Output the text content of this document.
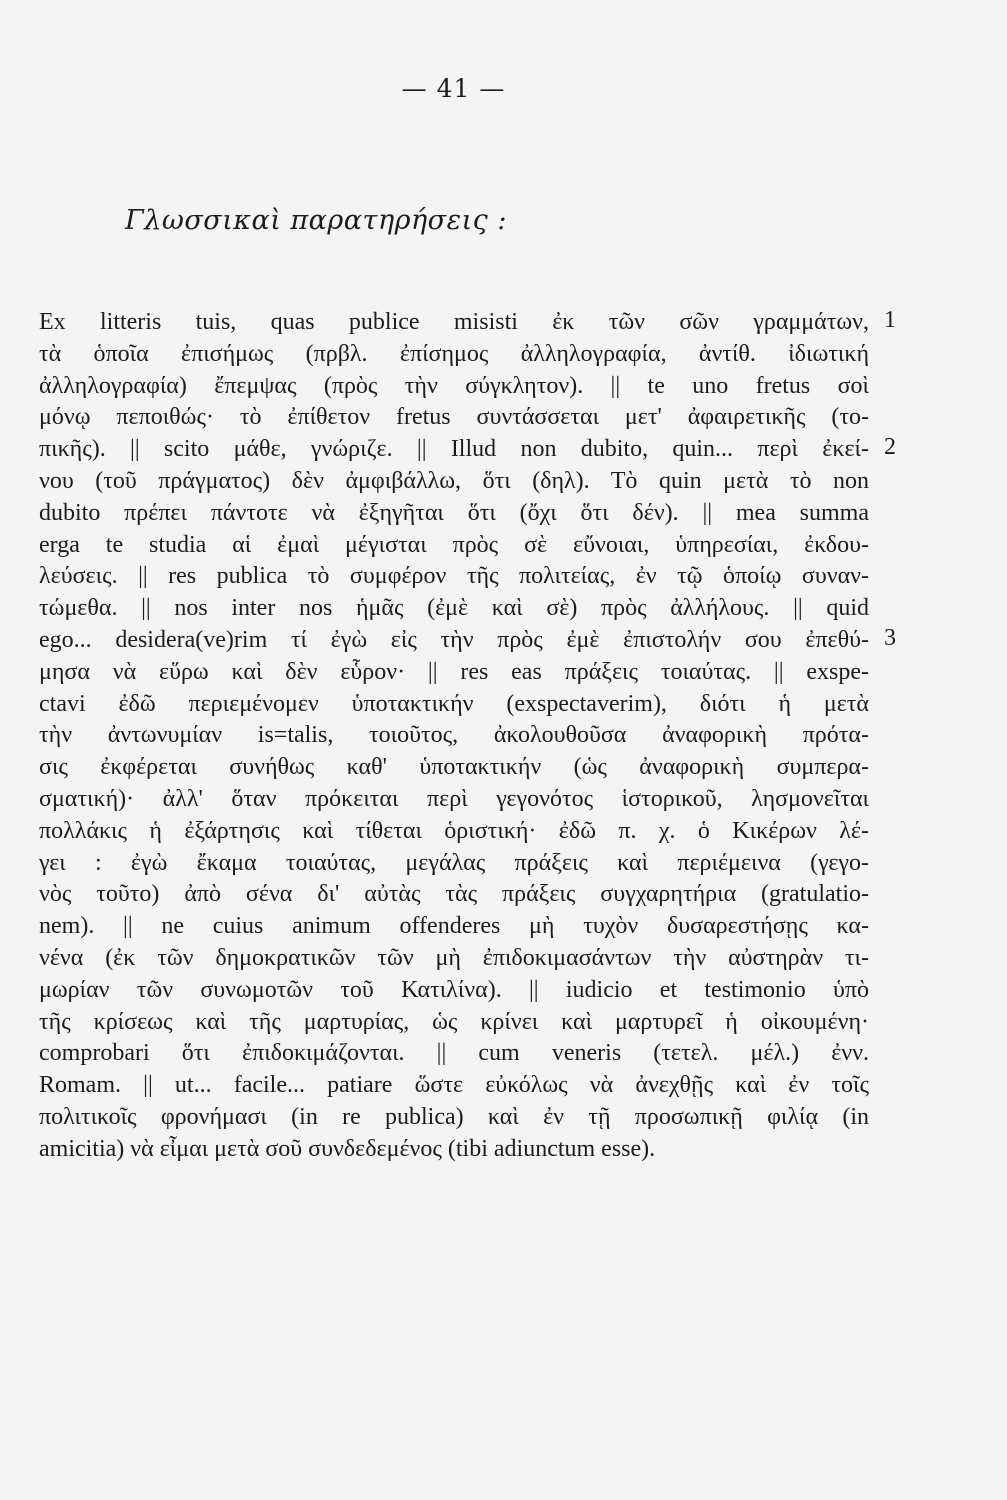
— 41 —
Γλωσσικαὶ παρατηρήσεις :
Ex litteris tuis, quas publice misisti ἐκ τῶν σῶν γραμμάτων,
τὰ ὁποῖα ἐπισήμως (πρβλ. ἐπίσημος ἀλληλογραφία, ἀντίθ. ἰδιωτική
ἀλληλογραφία) ἔπεμψας (πρὸς τὴν σύγκλητον). || te uno fretus σοὶ
μόνῳ πεποιθώς· τὸ ἐπίθετον fretus συντάσσεται μετ' ἀφαιρετικῆς (το-
πικῆς). || scito μάθε, γνώριζε. || Illud non dubito, quin... περὶ ἐκεί-
νου (τοῦ πράγματος) δὲν ἀμφιβάλλω, ὅτι (δηλ). Τὸ quin μετὰ τὸ non
dubito πρέπει πάντοτε νὰ ἐξηγῆται ὅτι (ὄχι ὅτι δέν). || mea summa
erga te studia αἱ ἐμαὶ μέγισται πρὸς σὲ εὔνοιαι, ὑπηρεσίαι, ἐκδου-
λεύσεις. || res publica τὸ συμφέρον τῆς πολιτείας, ἐν τῷ ὁποίῳ συναν-
τώμεθα. || nos inter nos ἡμᾶς (ἐμὲ καὶ σὲ) πρὸς ἀλλήλους. || quid
ego... desidera(ve)rim τί ἐγὼ εἰς τὴν πρὸς ἐμὲ ἐπιστολήν σου ἐπεθύ-
μησα νὰ εὕρω καὶ δὲν εὗρον· || res eas πράξεις τοιαύτας. || exspe-
ctavi ἐδῶ περιεμένομεν ὑποτακτικήν (exspectaverim), διότι ἡ μετὰ
τὴν ἀντωνυμίαν is=talis, τοιοῦτος, ἀκολουθοῦσα ἀναφορικὴ πρότα-
σις ἐκφέρεται συνήθως καθ' ὑποτακτικήν (ὡς ἀναφορικὴ συμπερα-
σματική)· ἀλλ' ὅταν πρόκειται περὶ γεγονότος ἱστορικοῦ, λησμονεῖται
πολλάκις ἡ ἐξάρτησις καὶ τίθεται ὁριστική· ἐδῶ π. χ. ὁ Κικέρων λέ-
γει : ἐγὼ ἔκαμα τοιαύτας, μεγάλας πράξεις καὶ περιέμεινα (γεγο-
νὸς τοῦτο) ἀπὸ σένα δι' αὐτὰς τὰς πράξεις συγχαρητήρια (gratulatio-
nem). || ne cuius animum offenderes μὴ τυχὸν δυσαρεστήσῃς κα-
νένα (ἐκ τῶν δημοκρατικῶν τῶν μὴ ἐπιδοκιμασάντων τὴν αὐστηρὰν τι-
μωρίαν τῶν συνωμοτῶν τοῦ Κατιλίνα). || iudicio et testimonio ὑπὸ
τῆς κρίσεως καὶ τῆς μαρτυρίας, ὡς κρίνει καὶ μαρτυρεῖ ἡ οἰκουμένη·
comprobari ὅτι ἐπιδοκιμάζονται. || cum veneris (τετελ. μέλ.) ἐνν.
Romam. || ut... facile... patiare ὥστε εὐκόλως νὰ ἀνεχθῇς καὶ ἐν τοῖς
πολιτικοῖς φρονήμασι (in re publica) καὶ ἐν τῇ προσωπικῇ φιλίᾳ (in
amicitia) νὰ εἶμαι μετὰ σοῦ συνδεδεμένος (tibi adiunctum esse).
1
2
3
